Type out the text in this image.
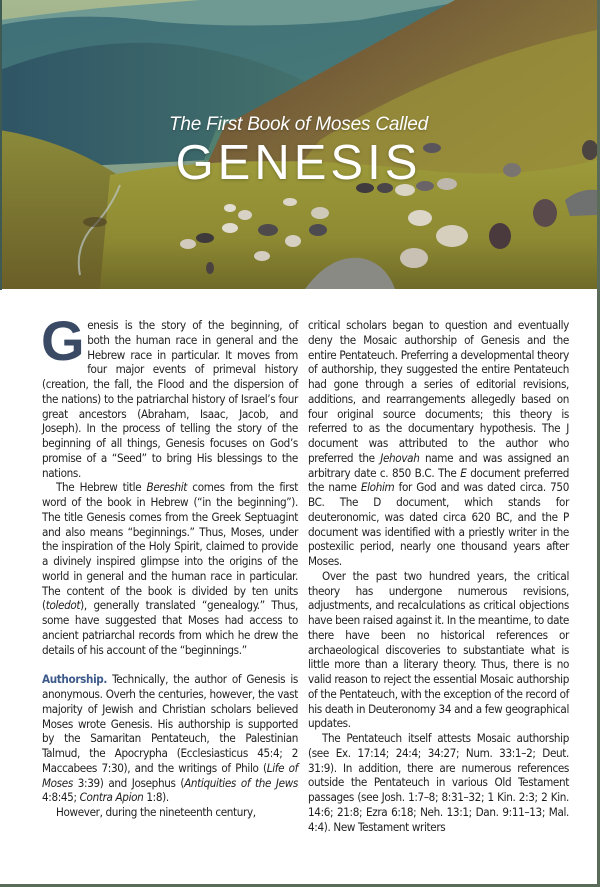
The First Book of Moses Called
GENESIS

Genesis is the story of the beginning, of both the human race in general and the Hebrew race in particular. It moves from four major events of primeval history (creation, the fall, the Flood and the dispersion of the nations) to the patriarchal history of Israel’s four great ancestors (Abraham, Isaac, Jacob, and Joseph). In the process of telling the story of the beginning of all things, Genesis focuses on God’s promise of a “Seed” to bring His blessings to the nations.

The Hebrew title Bereshit comes from the first word of the book in Hebrew (“in the beginning”). The title Genesis comes from the Greek Septuagint and also means “beginnings.” Thus, Moses, under the inspiration of the Holy Spirit, claimed to provide a divinely inspired glimpse into the origins of the world in general and the human race in particular. The content of the book is divided by ten units (toledot), generally translated “genealogy.” Thus, some have suggested that Moses had access to ancient patriarchal records from which he drew the details of his account of the “beginnings.”

Authorship. Technically, the author of Genesis is anonymous. Overh the centuries, however, the vast majority of Jewish and Christian scholars believed Moses wrote Genesis. His authorship is supported by the Samaritan Pentateuch, the Palestinian Talmud, the Apocrypha (Ecclesiasticus 45:4; 2 Maccabees 7:30), and the writings of Philo (Life of Moses 3:39) and Josephus (Antiquities of the Jews 4:8:45; Contra Apion 1:8).

However, during the nineteenth century,

critical scholars began to question and eventually deny the Mosaic authorship of Genesis and the entire Pentateuch. Preferring a developmental theory of authorship, they suggested the entire Pentateuch had gone through a series of editorial revisions, additions, and rearrangements allegedly based on four original source documents; this theory is referred to as the documentary hypothesis. The J document was attributed to the author who preferred the Jehovah name and was assigned an arbitrary date c. 850 B.C. The E document preferred the name Elohim for God and was dated circa. 750 BC. The D document, which stands for deuteronomic, was dated circa 620 BC, and the P document was identified with a priestly writer in the postexilic period, nearly one thousand years after Moses.

Over the past two hundred years, the critical theory has undergone numerous revisions, adjustments, and recalculations as critical objections have been raised against it. In the meantime, to date there have been no historical references or archaeological discoveries to substantiate what is little more than a literary theory. Thus, there is no valid reason to reject the essential Mosaic authorship of the Pentateuch, with the exception of the record of his death in Deuteronomy 34 and a few geographical updates.

The Pentateuch itself attests Mosaic authorship (see Ex. 17:14; 24:4; 34:27; Num. 33:1–2; Deut. 31:9). In addition, there are numerous references outside the Pentateuch in various Old Testament passages (see Josh. 1:7–8; 8:31–32; 1 Kin. 2:3; 2 Kin. 14:6; 21:8; Ezra 6:18; Neh. 13:1; Dan. 9:11–13; Mal. 4:4). New Testament writers
